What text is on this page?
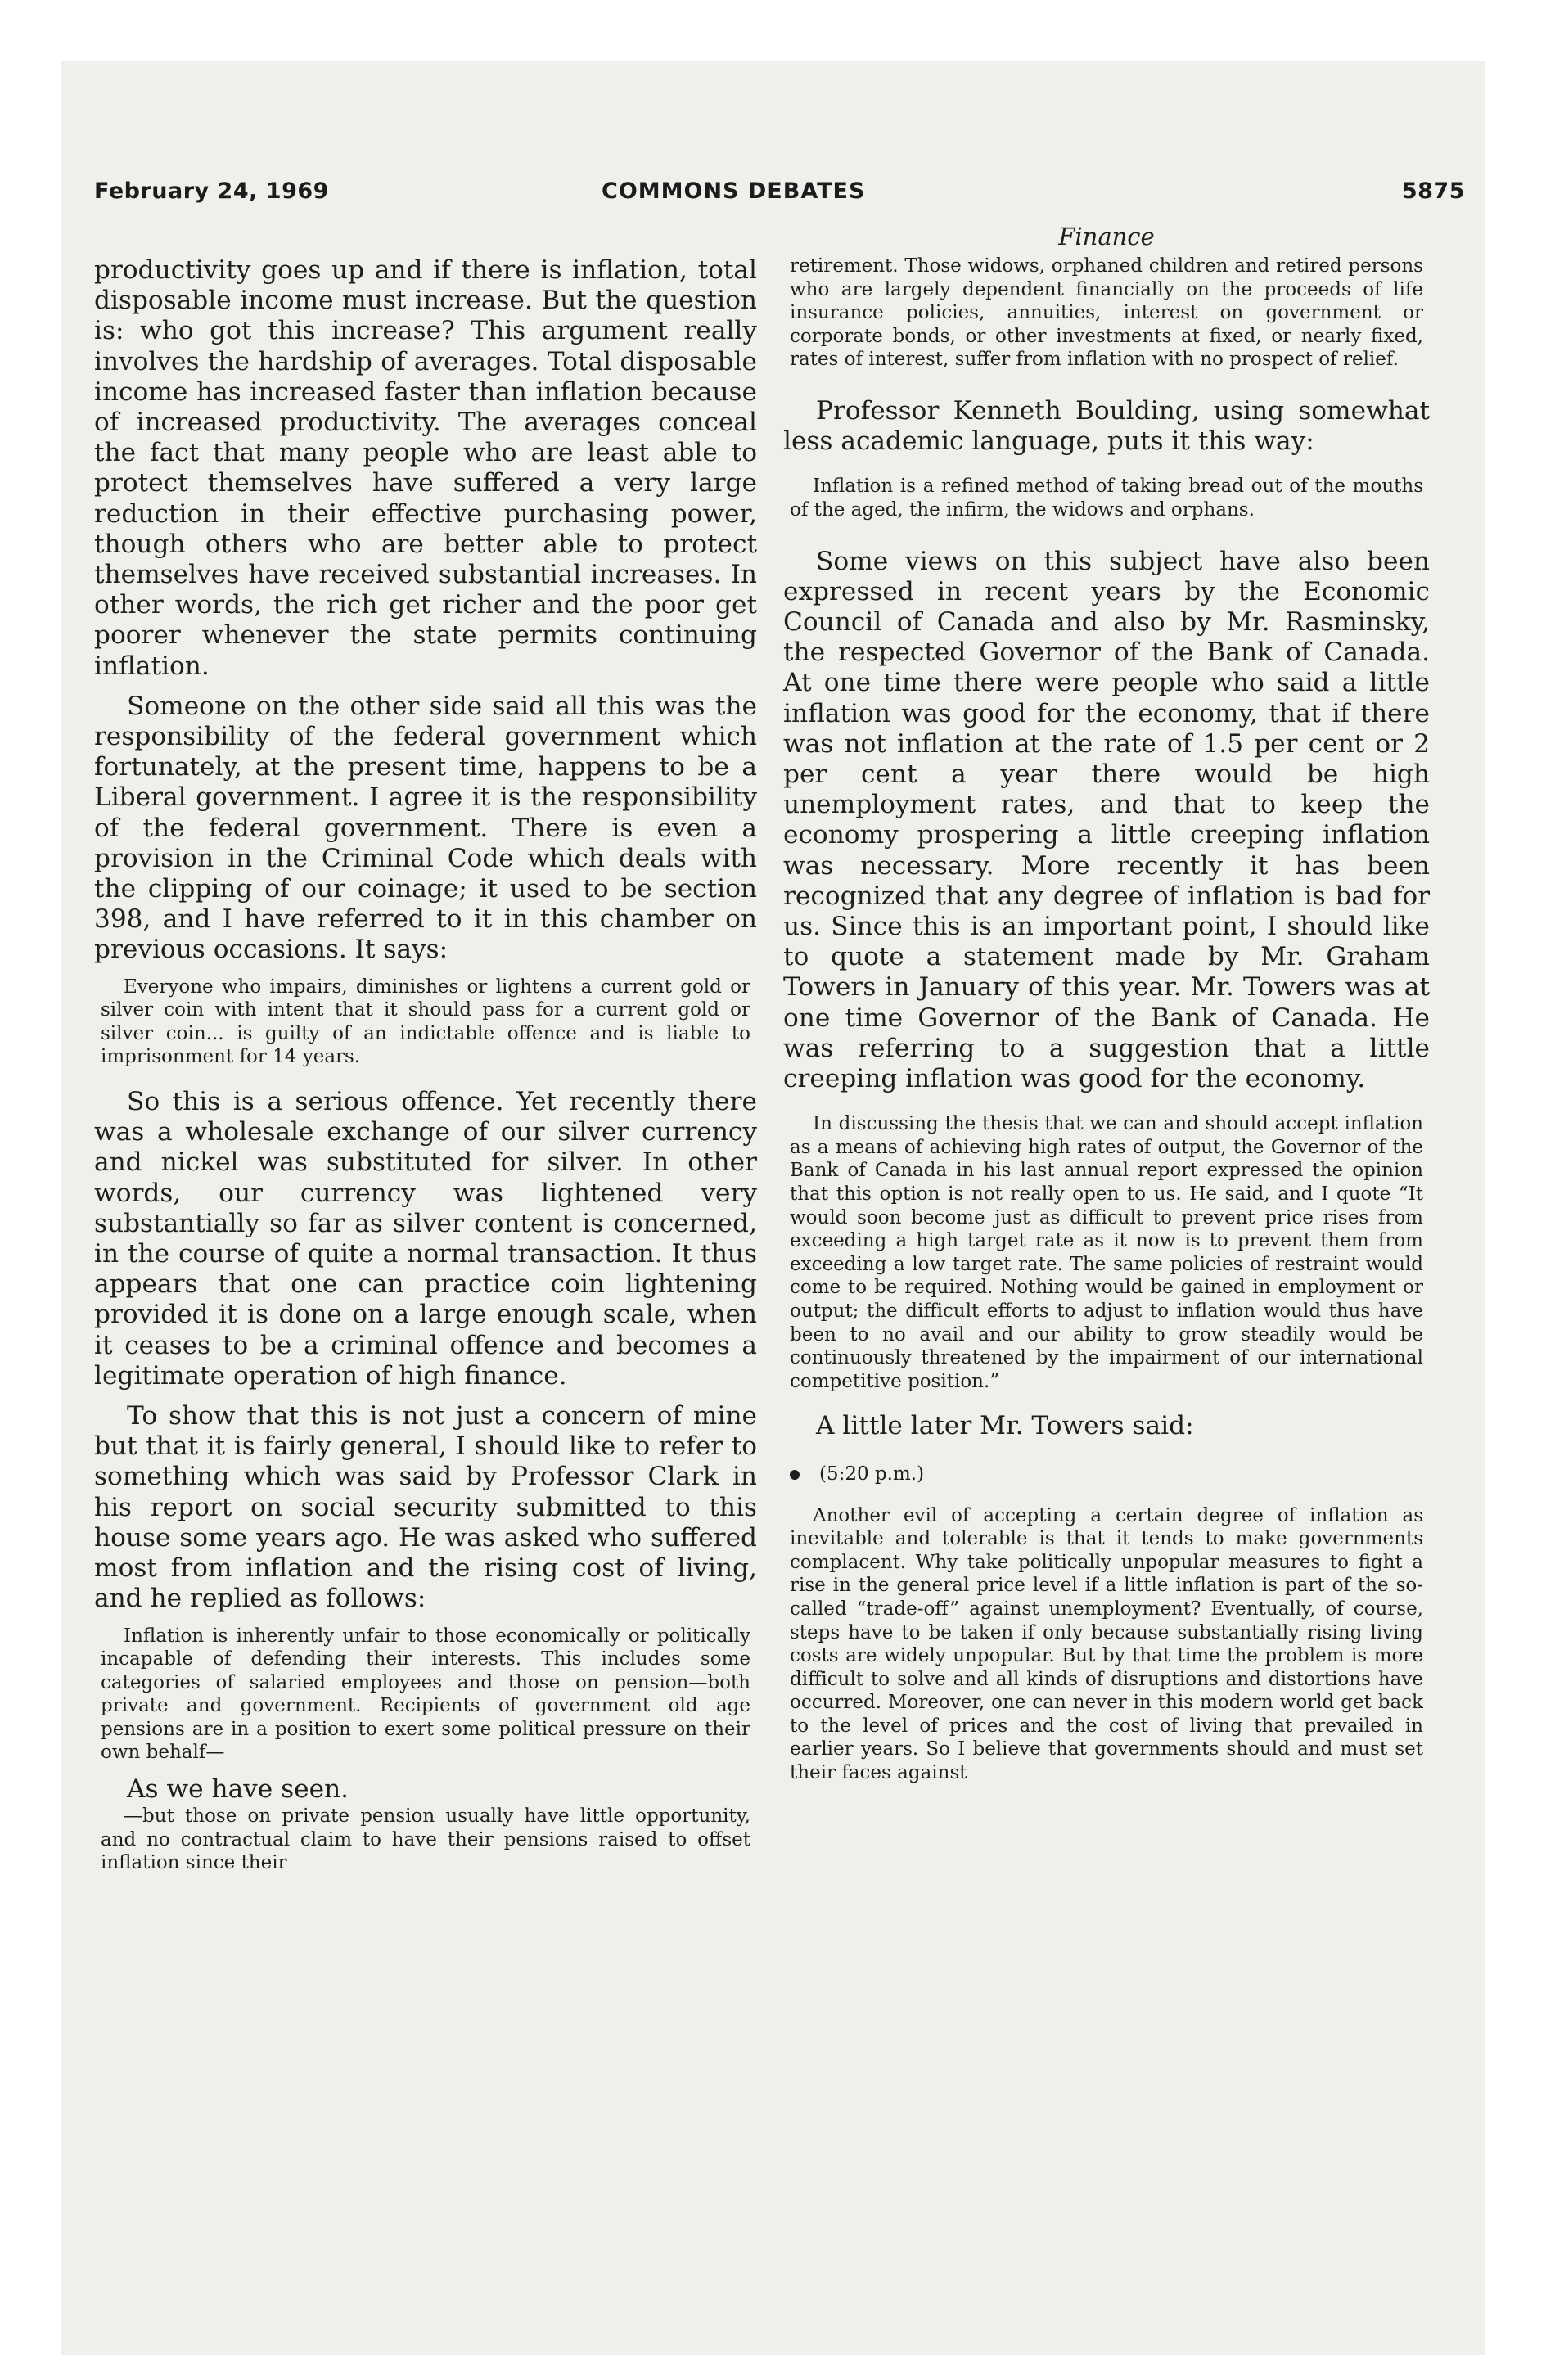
February 24, 1969	COMMONS DEBATES	5875

productivity goes up and if there is inflation, total disposable income must increase. But the question is: who got this increase? This argument really involves the hardship of averages. Total disposable income has increased faster than inflation because of increased productivity. The averages conceal the fact that many people who are least able to protect themselves have suffered a very large reduction in their effective purchasing power, though others who are better able to protect themselves have received substantial increases. In other words, the rich get richer and the poor get poorer whenever the state permits continuing inflation.

Someone on the other side said all this was the responsibility of the federal government which fortunately, at the present time, happens to be a Liberal government. I agree it is the responsibility of the federal government. There is even a provision in the Criminal Code which deals with the clipping of our coinage; it used to be section 398, and I have referred to it in this chamber on previous occasions. It says:

Everyone who impairs, diminishes or lightens a current gold or silver coin with intent that it should pass for a current gold or silver coin... is guilty of an indictable offence and is liable to imprisonment for 14 years.

So this is a serious offence. Yet recently there was a wholesale exchange of our silver currency and nickel was substituted for silver. In other words, our currency was lightened very substantially so far as silver content is concerned, in the course of quite a normal transaction. It thus appears that one can practice coin lightening provided it is done on a large enough scale, when it ceases to be a criminal offence and becomes a legitimate operation of high finance.

To show that this is not just a concern of mine but that it is fairly general, I should like to refer to something which was said by Professor Clark in his report on social security submitted to this house some years ago. He was asked who suffered most from inflation and the rising cost of living, and he replied as follows:

Inflation is inherently unfair to those economically or politically incapable of defending their interests. This includes some categories of salaried employees and those on pension—both private and government. Recipients of government old age pensions are in a position to exert some political pressure on their own behalf—

As we have seen.

—but those on private pension usually have little opportunity, and no contractual claim to have their pensions raised to offset inflation since their

Finance

retirement. Those widows, orphaned children and retired persons who are largely dependent financially on the proceeds of life insurance policies, annuities, interest on government or corporate bonds, or other investments at fixed, or nearly fixed, rates of interest, suffer from inflation with no prospect of relief.

Professor Kenneth Boulding, using somewhat less academic language, puts it this way:

Inflation is a refined method of taking bread out of the mouths of the aged, the infirm, the widows and orphans.

Some views on this subject have also been expressed in recent years by the Economic Council of Canada and also by Mr. Rasminsky, the respected Governor of the Bank of Canada. At one time there were people who said a little inflation was good for the economy, that if there was not inflation at the rate of 1.5 per cent or 2 per cent a year there would be high unemployment rates, and that to keep the economy prospering a little creeping inflation was necessary. More recently it has been recognized that any degree of inflation is bad for us. Since this is an important point, I should like to quote a statement made by Mr. Graham Towers in January of this year. Mr. Towers was at one time Governor of the Bank of Canada. He was referring to a suggestion that a little creeping inflation was good for the economy.

In discussing the thesis that we can and should accept inflation as a means of achieving high rates of output, the Governor of the Bank of Canada in his last annual report expressed the opinion that this option is not really open to us. He said, and I quote “It would soon become just as difficult to prevent price rises from exceeding a high target rate as it now is to prevent them from exceeding a low target rate. The same policies of restraint would come to be required. Nothing would be gained in employment or output; the difficult efforts to adjust to inflation would thus have been to no avail and our ability to grow steadily would be continuously threatened by the impairment of our international competitive position.”

A little later Mr. Towers said:

(5:20 p.m.)

Another evil of accepting a certain degree of inflation as inevitable and tolerable is that it tends to make governments complacent. Why take politically unpopular measures to fight a rise in the general price level if a little inflation is part of the so-called “trade-off” against unemployment? Eventually, of course, steps have to be taken if only because substantially rising living costs are widely unpopular. But by that time the problem is more difficult to solve and all kinds of disruptions and distortions have occurred. Moreover, one can never in this modern world get back to the level of prices and the cost of living that prevailed in earlier years. So I believe that governments should and must set their faces against
